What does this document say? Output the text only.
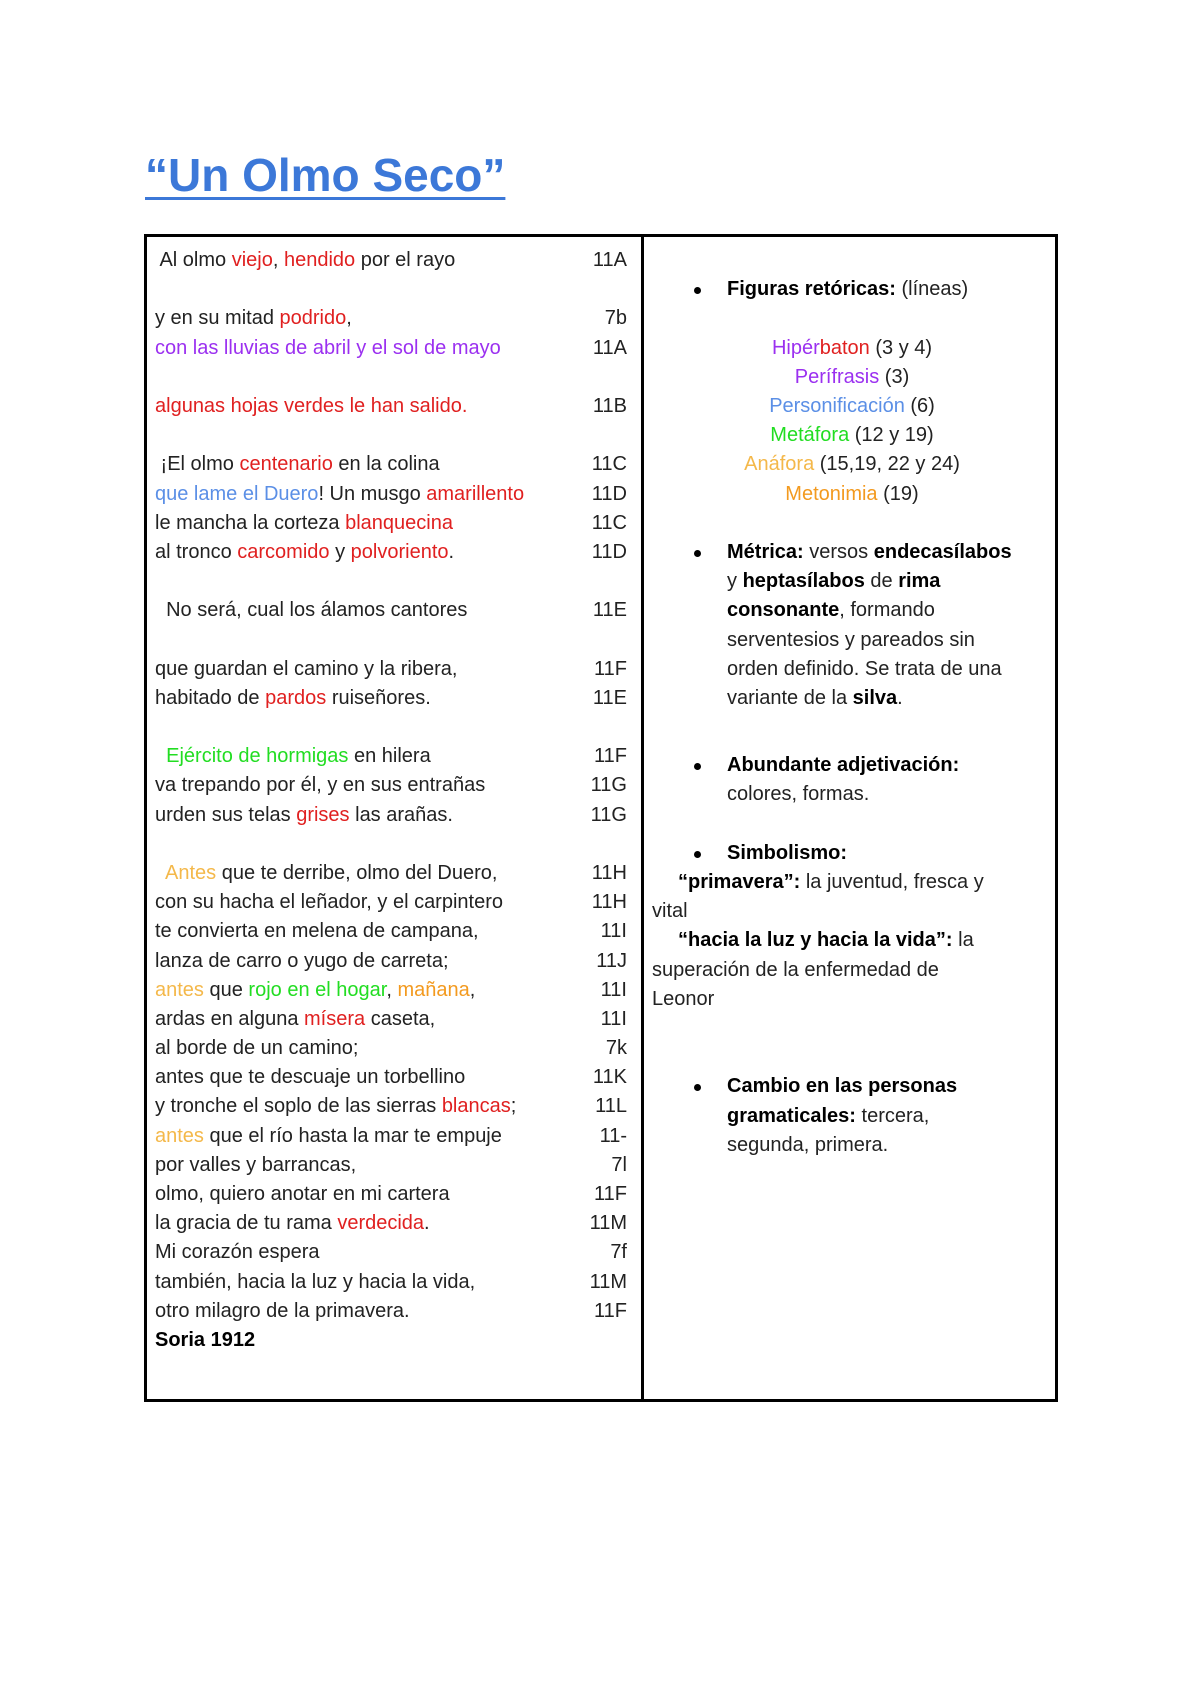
“Un Olmo Seco”
Al olmo viejo, hendido por el rayo	11A
y en su mitad podrido,	7b
con las lluvias de abril y el sol de mayo	11A
algunas hojas verdes le han salido.	11B
¡El olmo centenario en la colina	11C
que lame el Duero! Un musgo amarillento	11D
le mancha la corteza blanquecina	11C
al tronco carcomido y polvoriento.	11D
No será, cual los álamos cantores	11E
que guardan el camino y la ribera,	11F
habitado de pardos ruiseñores.	11E
Ejército de hormigas en hilera	11F
va trepando por él, y en sus entrañas	11G
urden sus telas grises las arañas.	11G
Antes que te derribe, olmo del Duero,	11H
con su hacha el leñador, y el carpintero	11H
te convierta en melena de campana,	11I
lanza de carro o yugo de carreta;	11J
antes que rojo en el hogar, mañana,	11I
ardas en alguna mísera caseta,	11I
al borde de un camino;	7k
antes que te descuaje un torbellino	11K
y tronche el soplo de las sierras blancas;	11L
antes que el río hasta la mar te empuje	11-
por valles y barrancas,	7l
olmo, quiero anotar en mi cartera	11F
la gracia de tu rama verdecida.	11M
Mi corazón espera	7f
también, hacia la luz y hacia la vida,	11M
otro milagro de la primavera.	11F
Soria 1912
Figuras retóricas: (líneas)
Hipérbaton (3 y 4)
Perífrasis (3)
Personificación (6)
Metáfora (12 y 19)
Anáfora (15,19, 22 y 24)
Metonimia (19)
Métrica: versos endecasílabos
y heptasílabos de rima
consonante, formando
serventesios y pareados sin
orden definido. Se trata de una
variante de la silva.
Abundante adjetivación:
colores, formas.
Simbolismo:
“primavera”: la juventud, fresca y
vital
“hacia la luz y hacia la vida”: la
superación de la enfermedad de
Leonor
Cambio en las personas
gramaticales: tercera,
segunda, primera.
